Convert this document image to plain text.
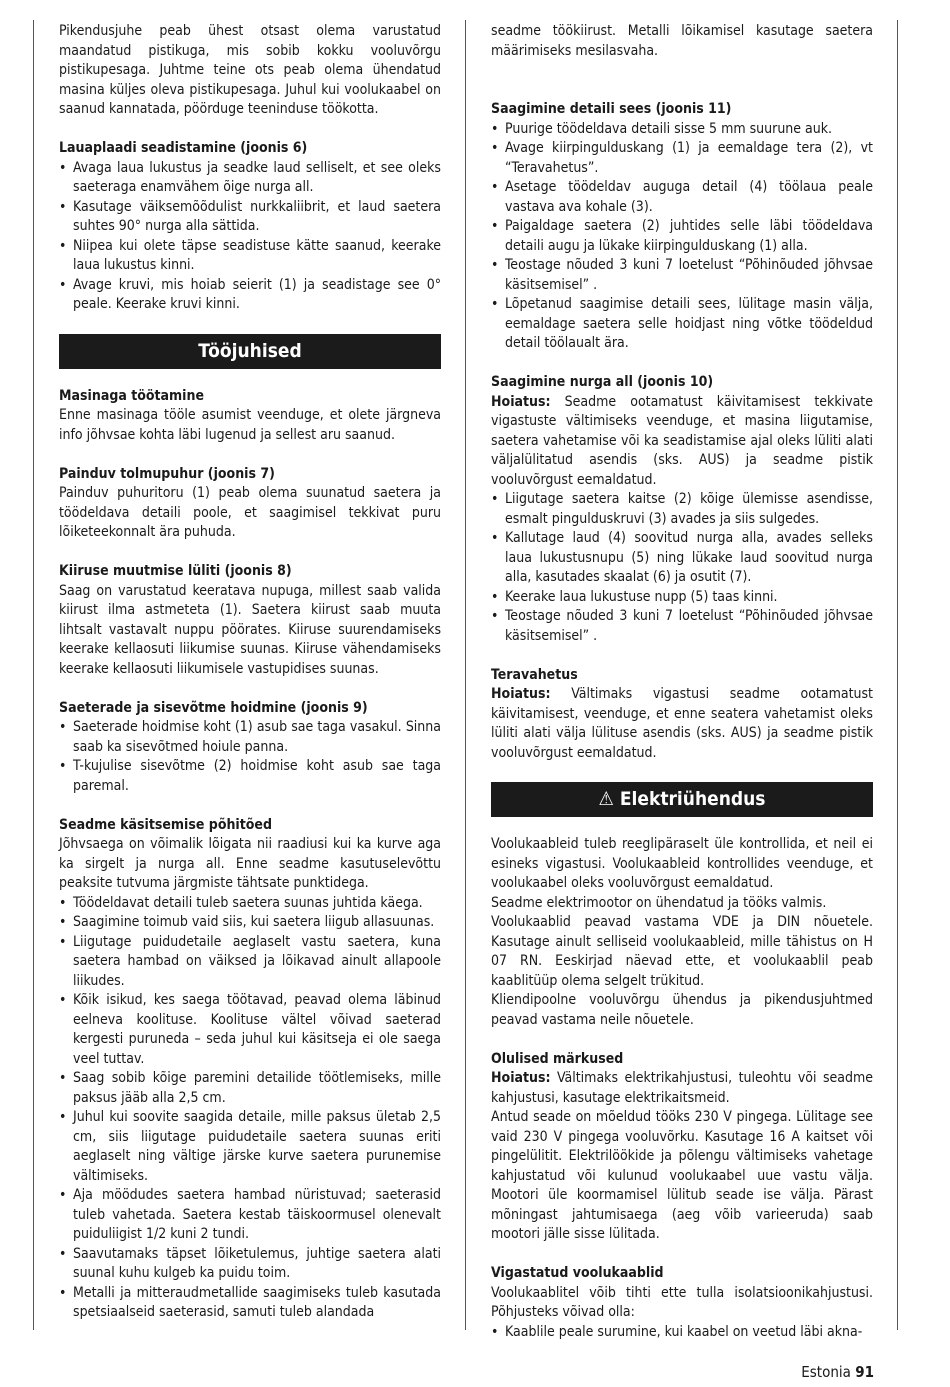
Pikendusjuhe peab ühest otsast olema varustatud maandatud pistikuga, mis sobib kokku vooluvõrgu pistikupesaga. Juhtme teine ots peab olema ühendatud masina küljes oleva pistikupesaga. Juhul kui voolukaabel on saanud kannatada, pöörduge teeninduse töökotta.

Lauaplaadi seadistamine (joonis 6)

• Avaga laua lukustus ja seadke laud selliselt, et see oleks saeteraga enamvähem õige nurga all.
• Kasutage väiksemõõdulist nurkkaliibrit, et laud saetera suhtes 90° nurga alla sättida.
• Niipea kui olete täpse seadistuse kätte saanud, keerake laua lukustus kinni.
• Avage kruvi, mis hoiab seierit (1) ja seadistage see 0° peale. Keerake kruvi kinni.
Tööjuhised

Masinaga töötamine

Enne masinaga tööle asumist veenduge, et olete järgneva info jõhvsae kohta läbi lugenud ja sellest aru saanud.

Painduv tolmupuhur (joonis 7)

Painduv puhuritoru (1) peab olema suunatud saetera ja töödeldava detaili poole, et saagimisel tekkivat puru lõiketeekonnalt ära puhuda.

Kiiruse muutmise lüliti (joonis 8)

Saag on varustatud keeratava nupuga, millest saab valida kiirust ilma astmeteta (1). Saetera kiirust saab muuta lihtsalt vastavalt nuppu pöörates. Kiiruse suurendamiseks keerake kellaosuti liikumise suunas. Kiiruse vähendamiseks keerake kellaosuti liikumisele vastupidises suunas.

Saeterade ja sisevõtme hoidmine (joonis 9)

• Saeterade hoidmise koht (1) asub sae taga vasakul. Sinna saab ka sisevõtmed hoiule panna.
• T-kujulise sisevõtme (2) hoidmise koht asub sae taga paremal.

Seadme käsitsemise põhitõed

Jõhvsaega on võimalik lõigata nii raadiusi kui ka kurve aga ka sirgelt ja nurga all. Enne seadme kasutuselevõttu peaksite tutvuma järgmiste tähtsate punktidega.

• Töödeldavat detaili tuleb saetera suunas juhtida käega.
• Saagimine toimub vaid siis, kui saetera liigub allasuunas.
• Liigutage puidudetaile aeglaselt vastu saetera, kuna saetera hambad on väiksed ja lõikavad ainult allapoole liikudes.
• Kõik isikud, kes saega töötavad, peavad olema läbinud eelneva koolituse. Koolituse vältel võivad saeterad kergesti puruneda – seda juhul kui käsitseja ei ole saega veel tuttav.
• Saag sobib kõige paremini detailide töötlemiseks, mille paksus jääb alla 2,5 cm.
• Juhul kui soovite saagida detaile, mille paksus ületab 2,5 cm, siis liigutage puidudetaile saetera suunas eriti aeglaselt ning vältige järske kurve saetera purunemise vältimiseks.
• Aja möödudes saetera hambad nüristuvad; saeterasid tuleb vahetada. Saetera kestab täiskoormusel olenevalt puiduliigist 1/2 kuni 2 tundi.
• Saavutamaks täpset lõiketulemus, juhtige saetera alati suunal kuhu kulgeb ka puidu toim.
• Metalli ja mitteraudmetallide saagimiseks tuleb kasutada spetsiaalseid saeterasid, samuti tuleb alandada

seadme töökiirust. Metalli lõikamisel kasutage saetera määrimiseks mesilasvaha.

Saagimine detaili sees (joonis 11)

• Puurige töödeldava detaili sisse 5 mm suurune auk.
• Avage kiirpingulduskang (1) ja eemaldage tera (2), vt “Teravahetus”.
• Asetage töödeldav auguga detail (4) töölaua peale vastava ava kohale (3).
• Paigaldage saetera (2) juhtides selle läbi töödeldava detaili augu ja lükake kiirpingulduskang (1) alla.
• Teostage nõuded 3 kuni 7 loetelust “Põhinõuded jõhvsae käsitsemisel” .
• Lõpetanud saagimise detaili sees, lülitage masin välja, eemaldage saetera selle hoidjast ning võtke töödeldud detail töölaualt ära.

Saagimine nurga all (joonis 10)

Hoiatus: Seadme ootamatust käivitamisest tekkivate vigastuste vältimiseks veenduge, et masina liigutamise, saetera vahetamise või ka seadistamise ajal oleks lüliti alati väljalülitatud asendis (sks. AUS) ja seadme pistik vooluvõrgust eemaldatud.

• Liigutage saetera kaitse (2) kõige ülemisse asendisse, esmalt pingulduskruvi (3) avades ja siis sulgedes.
• Kallutage laud (4) soovitud nurga alla, avades selleks laua lukustusnupu (5) ning lükake laud soovitud nurga alla, kasutades skaalat (6) ja osutit (7).
• Keerake laua lukustuse nupp (5) taas kinni.
• Teostage nõuded 3 kuni 7 loetelust “Põhinõuded jõhvsae käsitsemisel” .

Teravahetus

Hoiatus: Vältimaks vigastusi seadme ootamatust käivitamisest, veenduge, et enne seatera vahetamist oleks lüliti alati välja lülituse asendis (sks. AUS) ja seadme pistik vooluvõrgust eemaldatud.

⚠ Elektriühendus

Voolukaableid tuleb reeglipäraselt üle kontrollida, et neil ei esineks vigastusi. Voolukaableid kontrollides veenduge, et voolukaabel oleks vooluvõrgust eemaldatud.

Seadme elektrimootor on ühendatud ja tööks valmis.

Voolukaablid peavad vastama VDE ja DIN nõuetele. Kasutage ainult selliseid voolukaableid, mille tähistus on H 07 RN. Eeskirjad näevad ette, et voolukaablil peab kaablitüüp olema selgelt trükitud.

Kliendipoolne vooluvõrgu ühendus ja pikendusjuhtmed peavad vastama neile nõuetele.

Olulised märkused

Hoiatus: Vältimaks elektrikahjustusi, tuleohtu või seadme kahjustusi, kasutage elektrikaitsmeid.

Antud seade on mõeldud tööks 230 V pingega. Lülitage see vaid 230 V pingega vooluvõrku. Kasutage 16 A kaitset või pingelülitit. Elektrilöökide ja põlengu vältimiseks vahetage kahjustatud või kulunud voolukaabel uue vastu välja. Mootori üle koormamisel lülitub seade ise välja. Pärast mõningast jahtumisaega (aeg võib varieeruda) saab mootori jälle sisse lülitada.

Vigastatud voolukaablid

Voolukaablitel võib tihti ette tulla isolatsioonikahjustusi. Põhjusteks võivad olla:

• Kaablile peale surumine, kui kaabel on veetud läbi akna-
Estonia 91
